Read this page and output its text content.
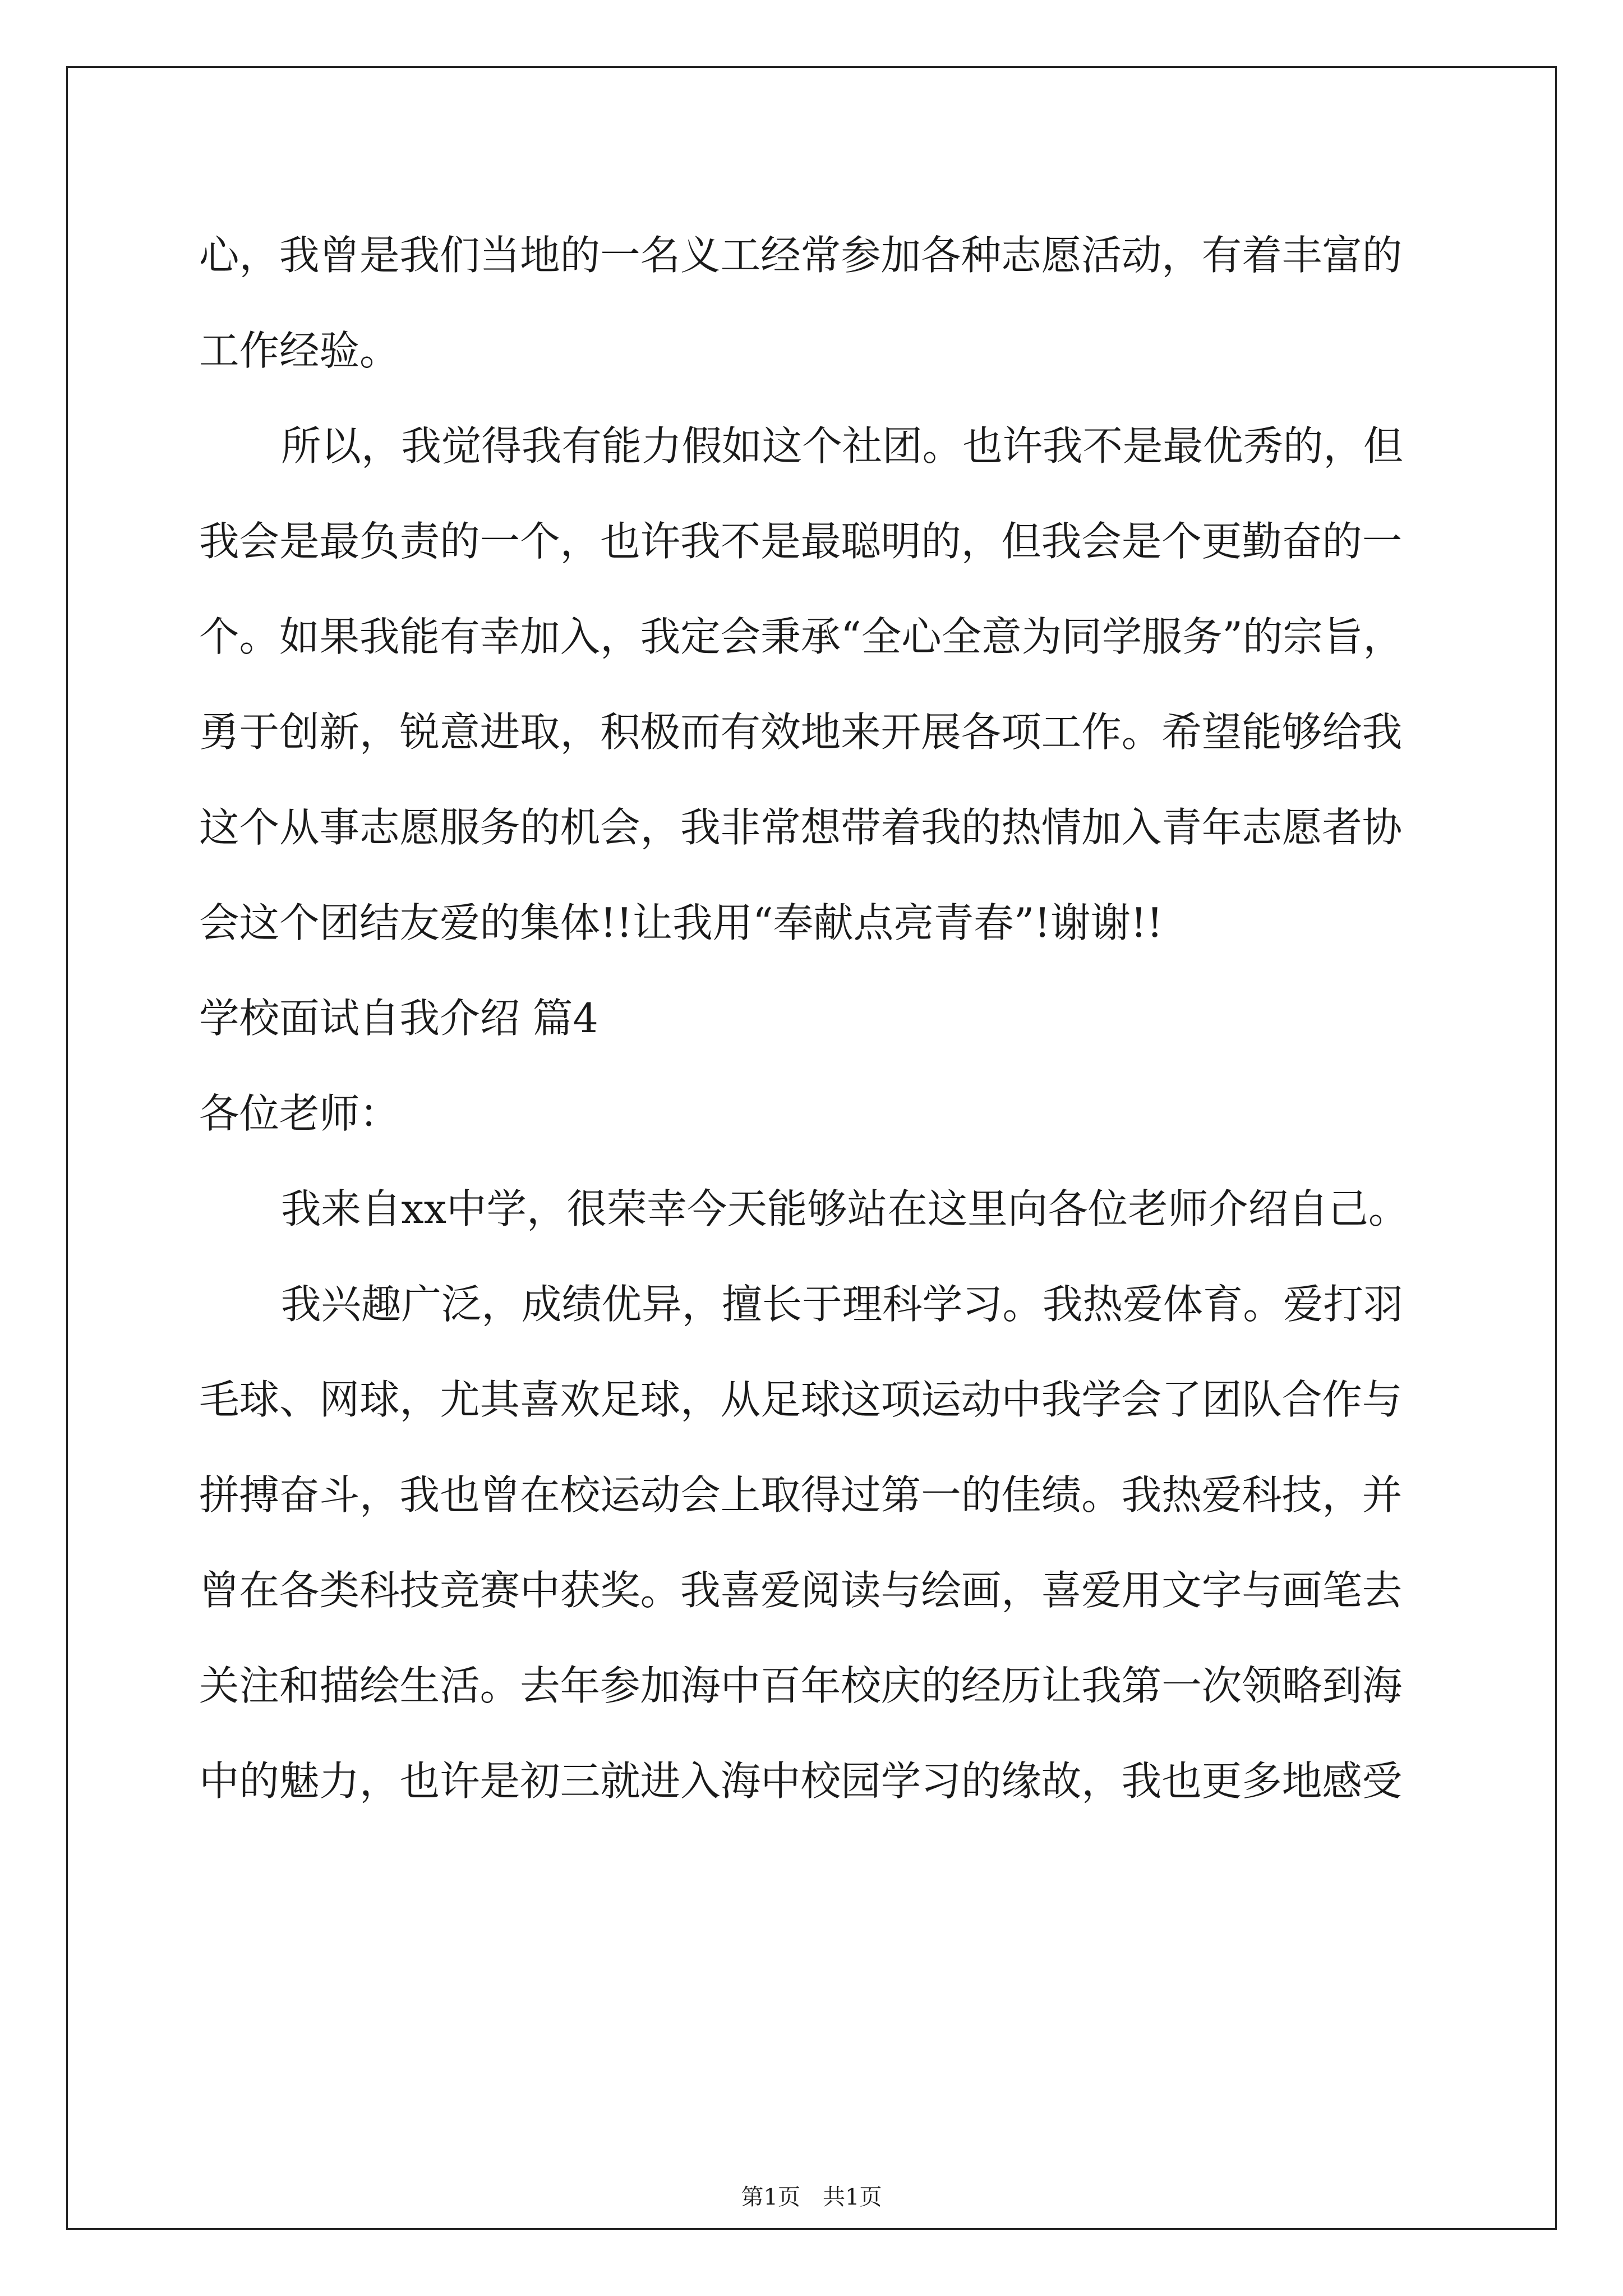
心，我曾是我们当地的一名义工经常参加各种志愿活动，有着丰富的
工作经验。
所以，我觉得我有能力假如这个社团。也许我不是最优秀的，但
我会是最负责的一个，也许我不是最聪明的，但我会是个更勤奋的一
个。如果我能有幸加入，我定会秉承“全心全意为同学服务”的宗旨，
勇于创新，锐意进取，积极而有效地来开展各项工作。希望能够给我
这个从事志愿服务的机会，我非常想带着我的热情加入青年志愿者协
会这个团结友爱的集体!!让我用“奉献点亮青春”!谢谢!!
学校面试自我介绍 篇4
各位老师：
我来自xx中学，很荣幸今天能够站在这里向各位老师介绍自己。
我兴趣广泛，成绩优异，擅长于理科学习。我热爱体育。爱打羽
毛球、网球，尤其喜欢足球，从足球这项运动中我学会了团队合作与
拼搏奋斗，我也曾在校运动会上取得过第一的佳绩。我热爱科技，并
曾在各类科技竞赛中获奖。我喜爱阅读与绘画，喜爱用文字与画笔去
关注和描绘生活。去年参加海中百年校庆的经历让我第一次领略到海
中的魅力，也许是初三就进入海中校园学习的缘故，我也更多地感受
第1页 共1页
